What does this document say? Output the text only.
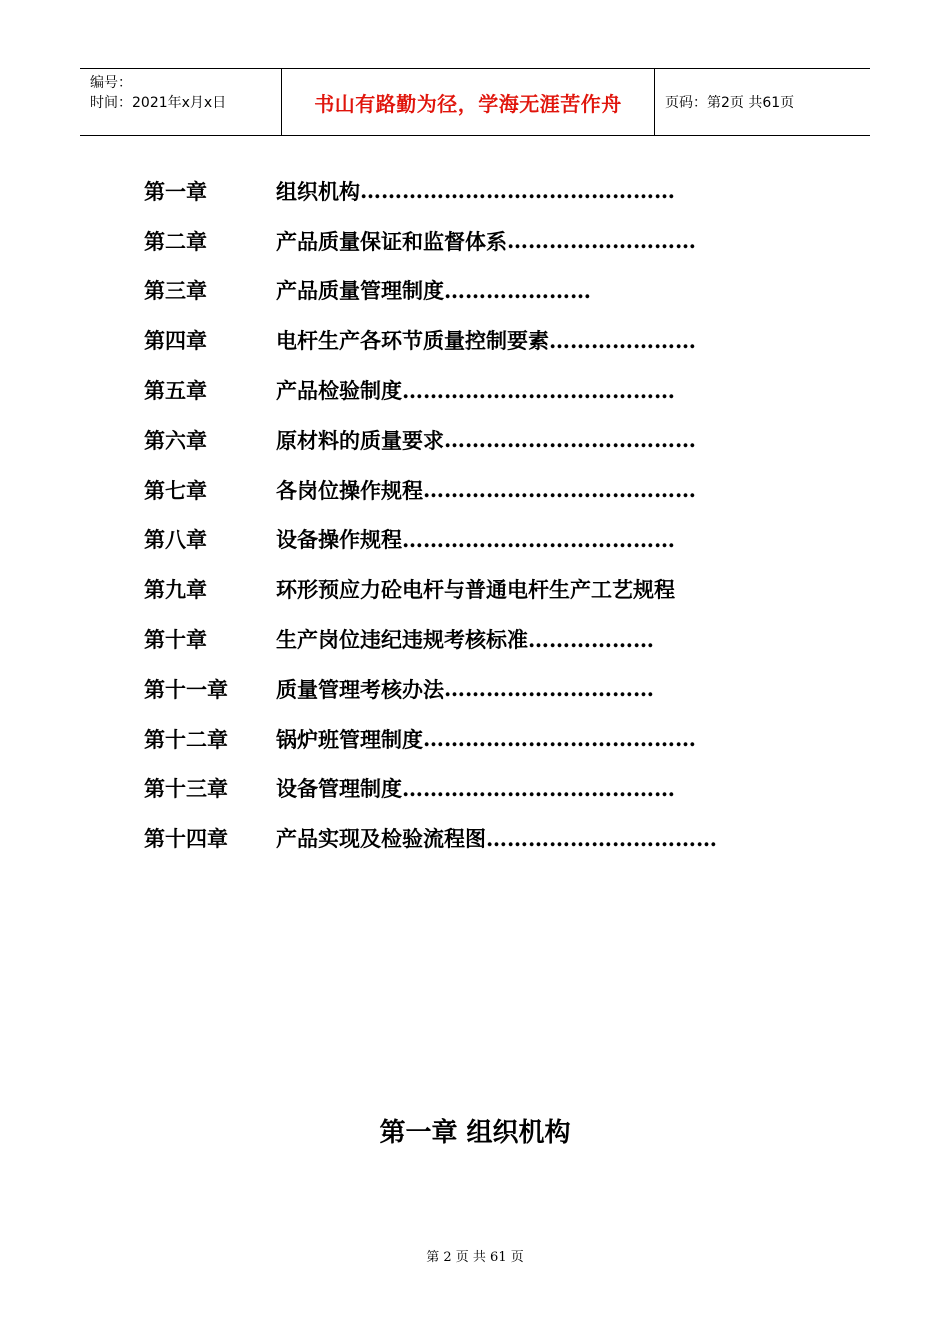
编号：
时间：2021年x月x日	书山有路勤为径，学海无涯苦作舟	页码：第2页 共61页
第一章	组织机构 ………………………………………
第二章	产品质量保证和监督体系 ………………………
第三章	产品质量管理制度 …………………
第四章	电杆生产各环节质量控制要素 …………………
第五章	产品检验制度 …………………………………
第六章	原材料的质量要求 ………………………………
第七章	各岗位操作规程 …………………………………
第八章	设备操作规程 …………………………………
第九章	环形预应力砼电杆与普通电杆生产工艺规程
第十章	生产岗位违纪违规考核标准 ………………
第十一章	质量管理考核办法 …………………………
第十二章	锅炉班管理制度 …………………………………
第十三章	设备管理制度 …………………………………
第十四章	产品实现及检验流程图 ……………………………
第一章 组织机构
第 2 页 共 61 页
